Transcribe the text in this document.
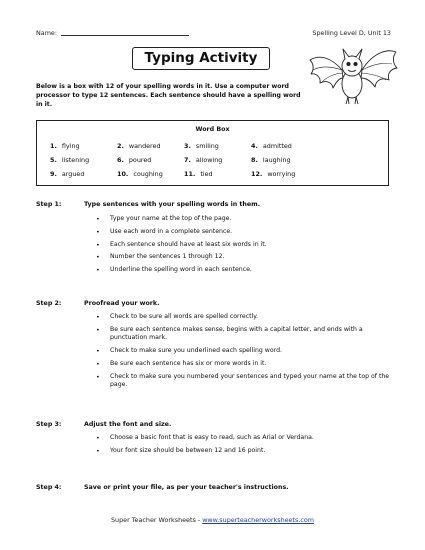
Name:	Spelling Level D, Unit 13
Typing Activity
Below is a box with 12 of your spelling words in it. Use a computer word processor to type 12 sentences. Each sentence should have a spelling word in it.
Word Box
1. flying	2. wandered	3. smiling	4. admitted
5. listening	6. poured	7. allowing	8. laughing
9. argued	10. coughing	11. tied	12. worrying
Step 1:	Type sentences with your spelling words in them.
• Type your name at the top of the page.
• Use each word in a complete sentence.
• Each sentence should have at least six words in it.
• Number the sentences 1 through 12.
• Underline the spelling word in each sentence.
Step 2:	Proofread your work.
• Check to be sure all words are spelled correctly.
• Be sure each sentence makes sense, begins with a capital letter, and ends with a punctuation mark.
• Check to make sure you underlined each spelling word.
• Be sure each sentence has six or more words in it.
• Check to make sure you numbered your sentences and typed your name at the top of the page.
Step 3:	Adjust the font and size.
• Choose a basic font that is easy to read, such as Arial or Verdana.
• Your font size should be between 12 and 16 point.
Step 4:	Save or print your file, as per your teacher's instructions.
Super Teacher Worksheets - www.superteacherworksheets.com
